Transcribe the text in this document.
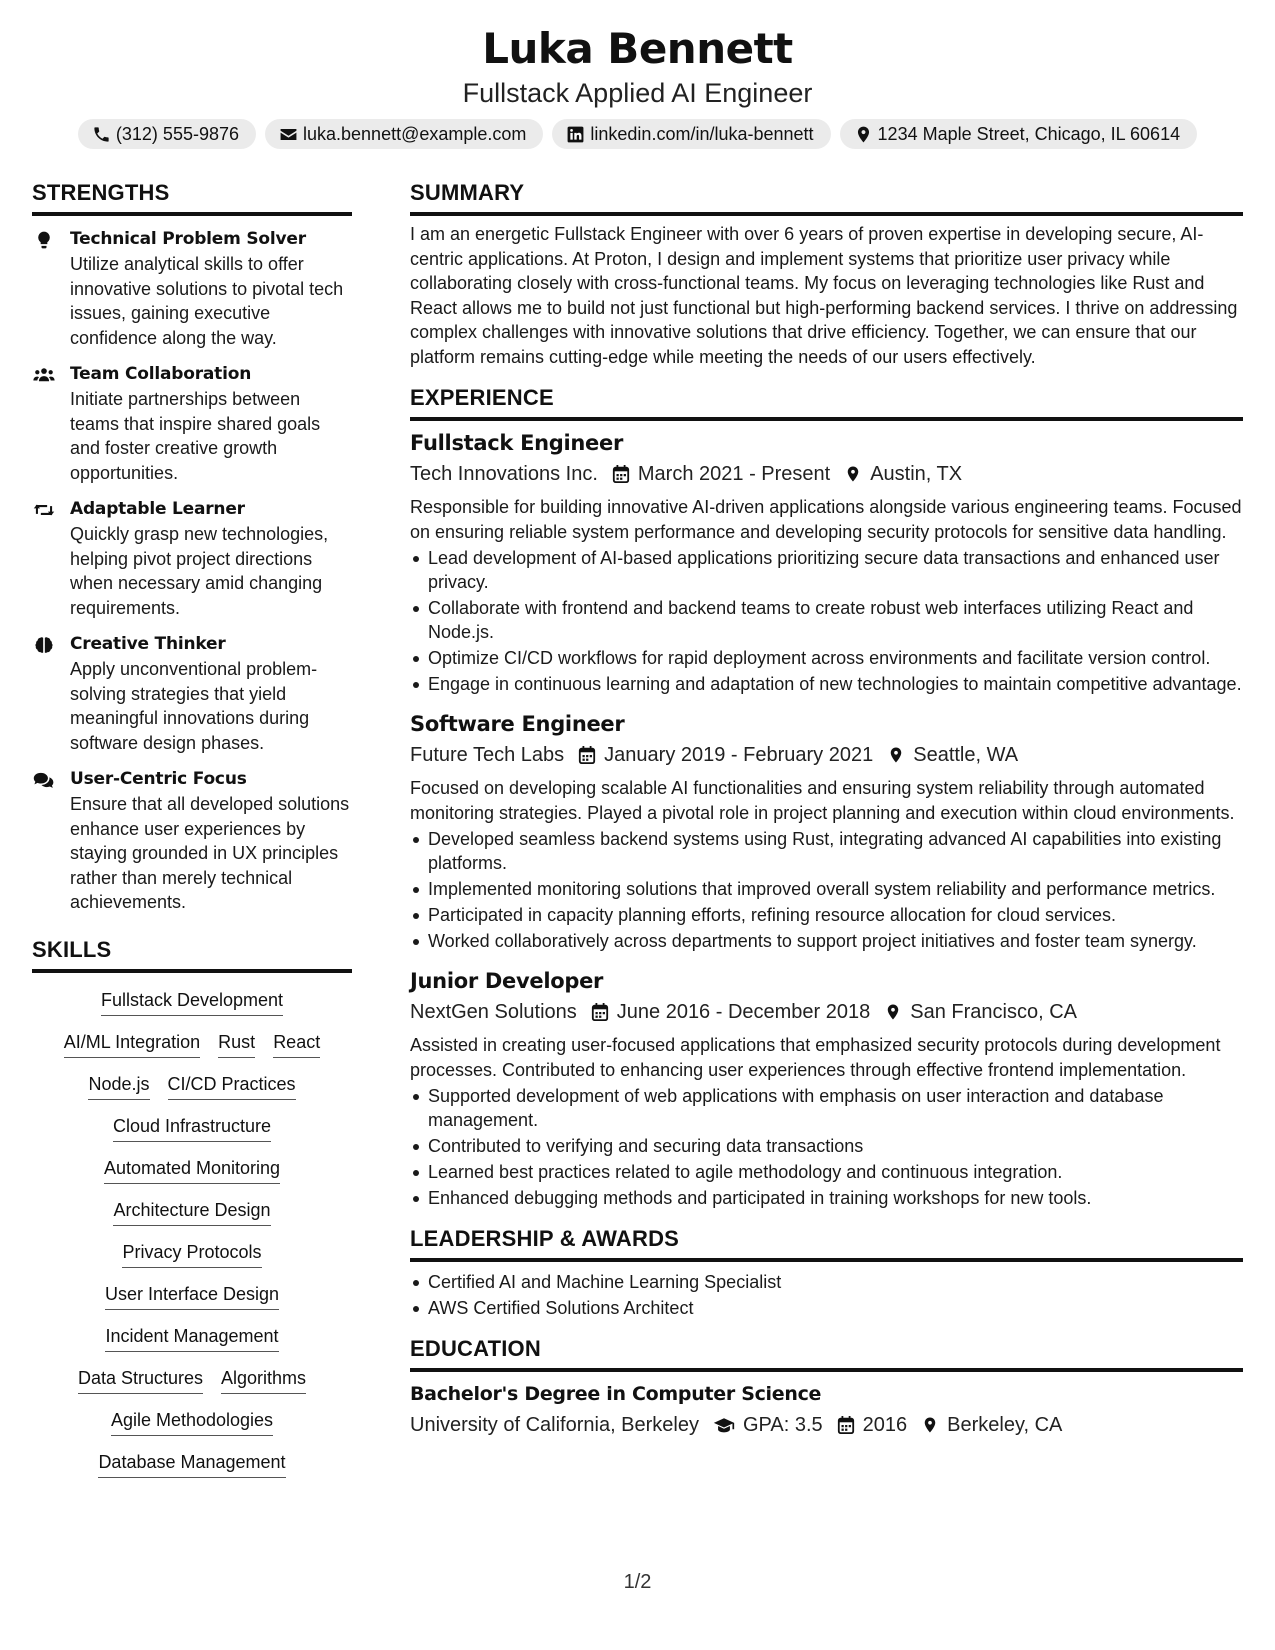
Luka Bennett
Fullstack Applied AI Engineer
(312) 555-9876	luka.bennett@example.com	linkedin.com/in/luka-bennett	1234 Maple Street, Chicago, IL 60614
STRENGTHS
Technical Problem Solver
Utilize analytical skills to offer innovative solutions to pivotal tech issues, gaining executive confidence along the way.
Team Collaboration
Initiate partnerships between teams that inspire shared goals and foster creative growth opportunities.
Adaptable Learner
Quickly grasp new technologies, helping pivot project directions when necessary amid changing requirements.
Creative Thinker
Apply unconventional problem-solving strategies that yield meaningful innovations during software design phases.
User-Centric Focus
Ensure that all developed solutions enhance user experiences by staying grounded in UX principles rather than merely technical achievements.
SKILLS
Fullstack Development
AI/ML Integration Rust React
Node.js CI/CD Practices
Cloud Infrastructure
Automated Monitoring
Architecture Design
Privacy Protocols
User Interface Design
Incident Management
Data Structures Algorithms
Agile Methodologies
Database Management
SUMMARY
I am an energetic Fullstack Engineer with over 6 years of proven expertise in developing secure, AI-centric applications. At Proton, I design and implement systems that prioritize user privacy while collaborating closely with cross-functional teams. My focus on leveraging technologies like Rust and React allows me to build not just functional but high-performing backend services. I thrive on addressing complex challenges with innovative solutions that drive efficiency. Together, we can ensure that our platform remains cutting-edge while meeting the needs of our users effectively.
EXPERIENCE
Fullstack Engineer
Tech Innovations Inc. March 2021 - Present Austin, TX
Responsible for building innovative AI-driven applications alongside various engineering teams. Focused on ensuring reliable system performance and developing security protocols for sensitive data handling.
Lead development of AI-based applications prioritizing secure data transactions and enhanced user privacy.
Collaborate with frontend and backend teams to create robust web interfaces utilizing React and Node.js.
Optimize CI/CD workflows for rapid deployment across environments and facilitate version control.
Engage in continuous learning and adaptation of new technologies to maintain competitive advantage.
Software Engineer
Future Tech Labs January 2019 - February 2021 Seattle, WA
Focused on developing scalable AI functionalities and ensuring system reliability through automated monitoring strategies. Played a pivotal role in project planning and execution within cloud environments.
Developed seamless backend systems using Rust, integrating advanced AI capabilities into existing platforms.
Implemented monitoring solutions that improved overall system reliability and performance metrics.
Participated in capacity planning efforts, refining resource allocation for cloud services.
Worked collaboratively across departments to support project initiatives and foster team synergy.
Junior Developer
NextGen Solutions June 2016 - December 2018 San Francisco, CA
Assisted in creating user-focused applications that emphasized security protocols during development processes. Contributed to enhancing user experiences through effective frontend implementation.
Supported development of web applications with emphasis on user interaction and database management.
Contributed to verifying and securing data transactions
Learned best practices related to agile methodology and continuous integration.
Enhanced debugging methods and participated in training workshops for new tools.
LEADERSHIP & AWARDS
Certified AI and Machine Learning Specialist
AWS Certified Solutions Architect
EDUCATION
Bachelor's Degree in Computer Science
University of California, Berkeley GPA: 3.5 2016 Berkeley, CA
1/2
